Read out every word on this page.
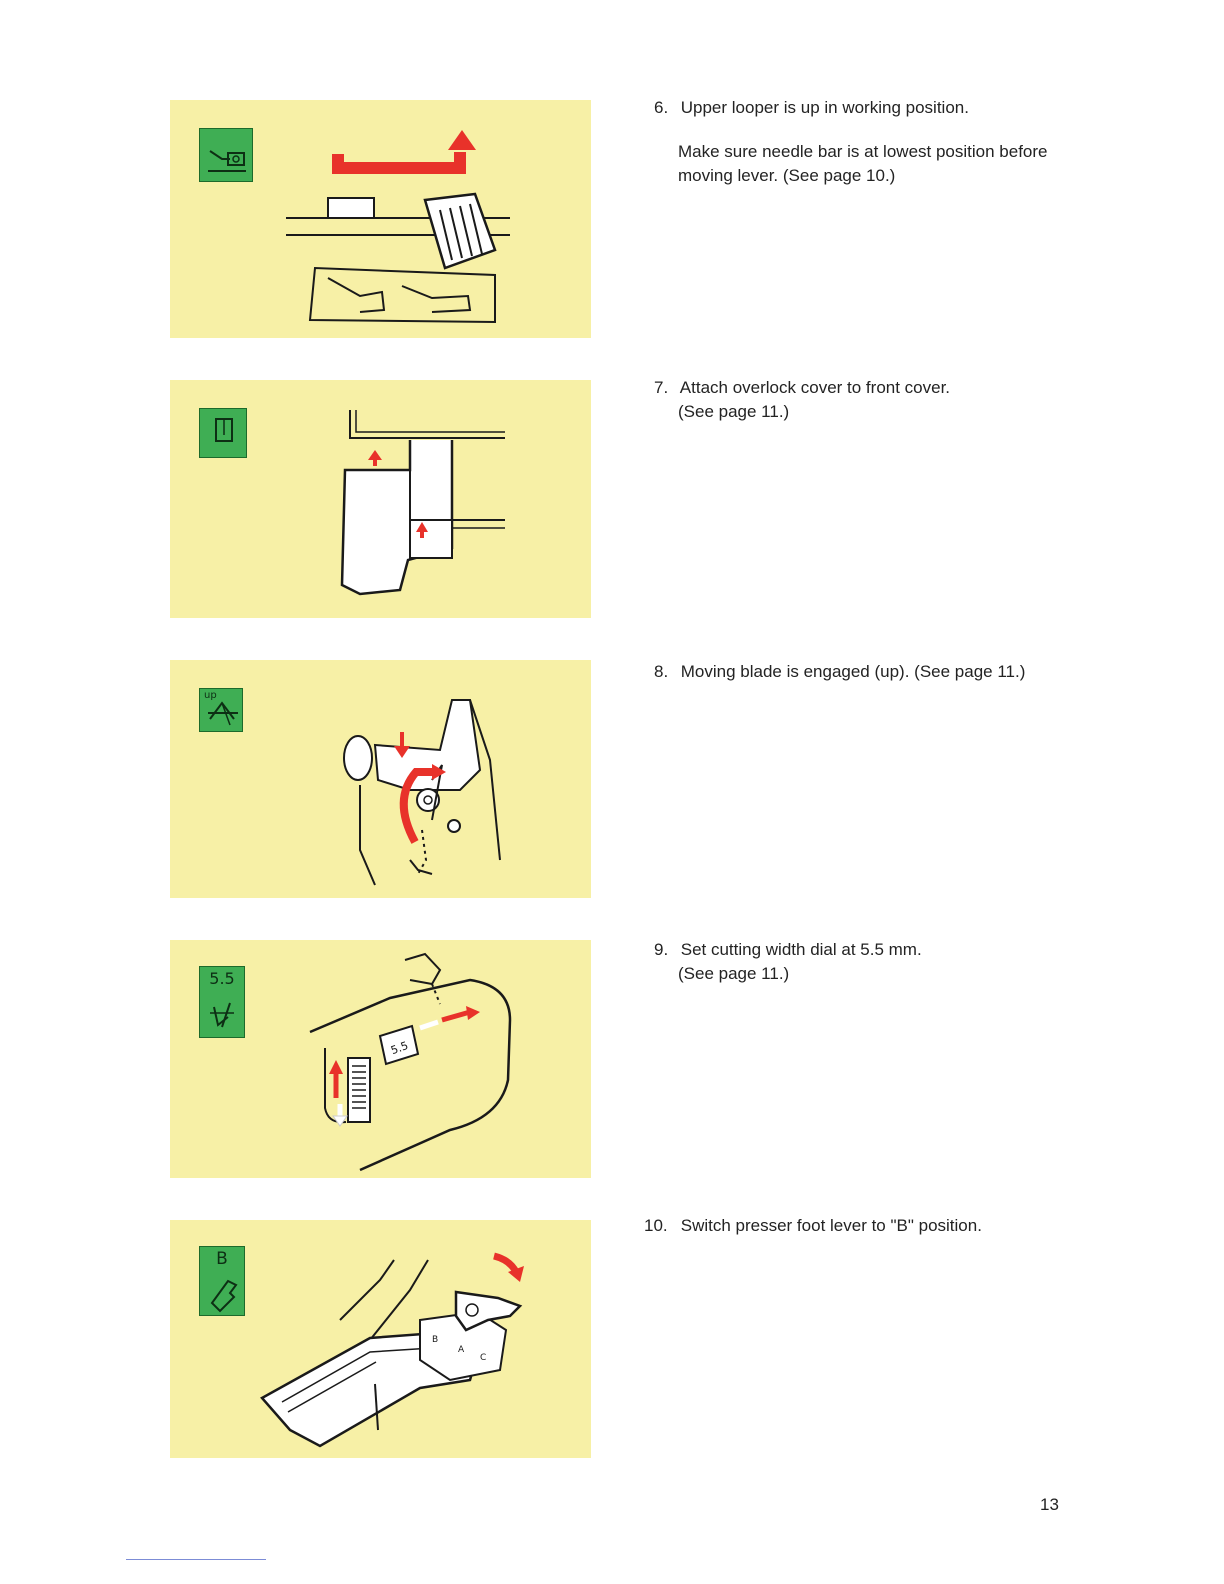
6. Upper looper is up in working position.
Make sure needle bar is at lowest position before moving lever. (See page 10.)
7. Attach overlock cover to front cover.
(See page 11.)
up
8. Moving blade is engaged (up). (See page 11.)
5.5
5.5
9. Set cutting width dial at 5.5 mm.
(See page 11.)
B
B
A
C
10. Switch presser foot lever to "B" position.
13
